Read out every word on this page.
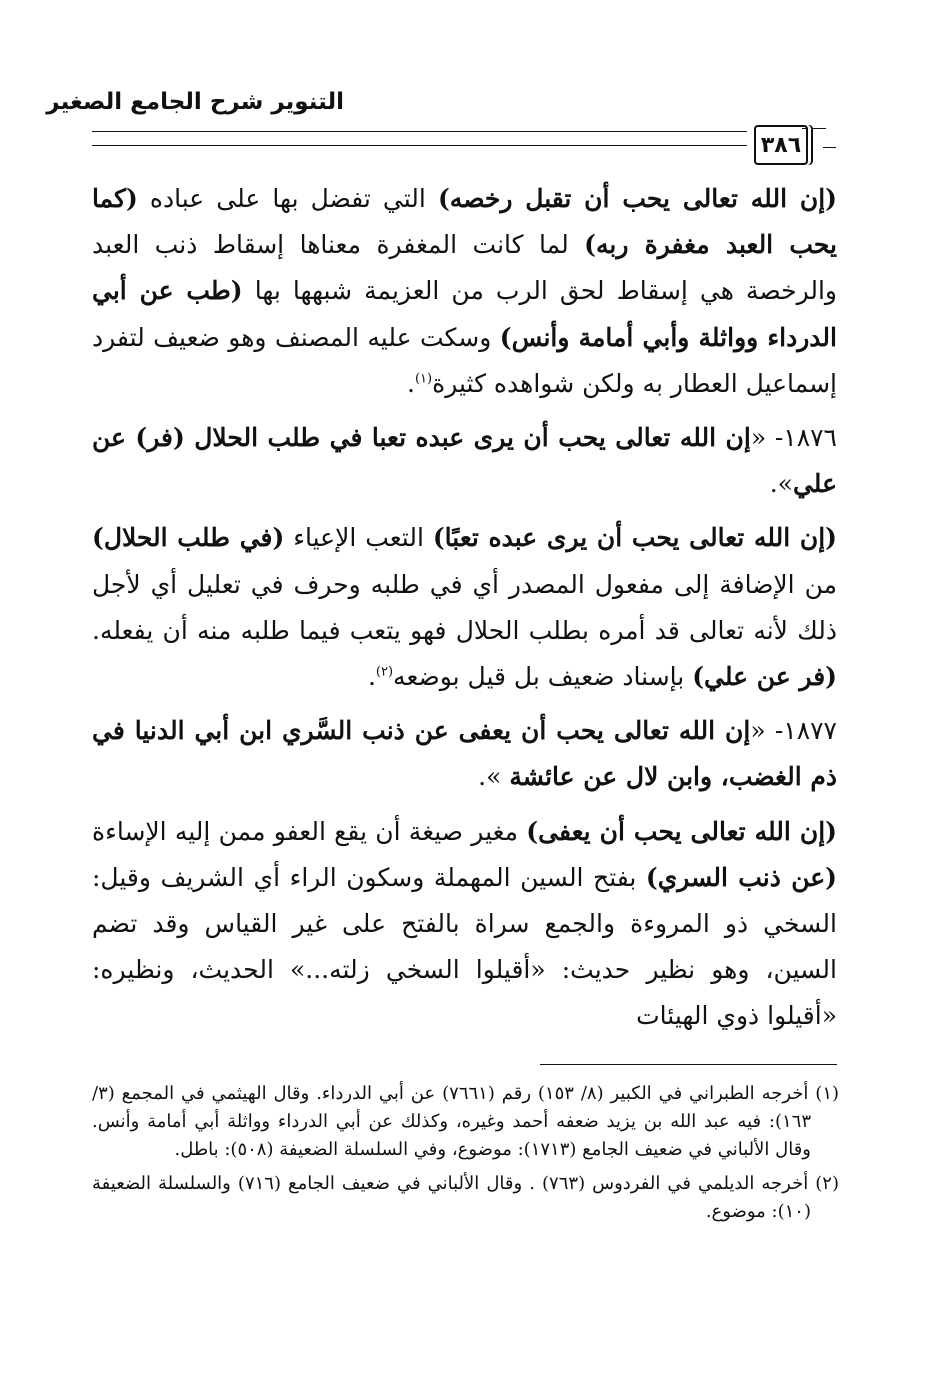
التنوير شرح الجامع الصغير
٣٨٦

(إن الله تعالى يحب أن تقبل رخصه) التي تفضل بها على عباده (كما يحب العبد مغفرة ربه) لما كانت المغفرة معناها إسقاط ذنب العبد والرخصة هي إسقاط لحق الرب من العزيمة شبهها بها (طب عن أبي الدرداء وواثلة وأبي أمامة وأنس) وسكت عليه المصنف وهو ضعيف لتفرد إسماعيل العطار به ولكن شواهده كثيرة$^{(١)}$.

١٨٧٦- «إن الله تعالى يحب أن يرى عبده تعبا في طلب الحلال (فر) عن علي».

(إن الله تعالى يحب أن يرى عبده تعبًا) التعب الإعياء (في طلب الحلال) من الإضافة إلى مفعول المصدر أي في طلبه وحرف في تعليل أي لأجل ذلك لأنه تعالى قد أمره بطلب الحلال فهو يتعب فيما طلبه منه أن يفعله. (فر عن علي) بإسناد ضعيف بل قيل بوضعه$^{(٢)}$.

١٨٧٧- «إن الله تعالى يحب أن يعفى عن ذنب السَّري ابن أبي الدنيا في ذم الغضب، وابن لال عن عائشة ».

(إن الله تعالى يحب أن يعفى) مغير صيغة أن يقع العفو ممن إليه الإساءة (عن ذنب السري) بفتح السين المهملة وسكون الراء أي الشريف وقيل: السخي ذو المروءة والجمع سراة بالفتح على غير القياس وقد تضم السين، وهو نظير حديث: «أقيلوا السخي زلته...» الحديث، ونظيره: «أقيلوا ذوي الهيئات

(١) أخرجه الطبراني في الكبير (٨/ ١٥٣) رقم (٧٦٦١) عن أبي الدرداء. وقال الهيثمي في المجمع (٣/ ١٦٣): فيه عبد الله بن يزيد ضعفه أحمد وغيره، وكذلك عن أبي الدرداء وواثلة أبي أمامة وأنس. وقال الألباني في ضعيف الجامع (١٧١٣): موضوع، وفي السلسلة الضعيفة (٥٠٨): باطل.

(٢) أخرجه الديلمي في الفردوس (٧٦٣) . وقال الألباني في ضعيف الجامع (٧١٦) والسلسلة الضعيفة (١٠): موضوع.
